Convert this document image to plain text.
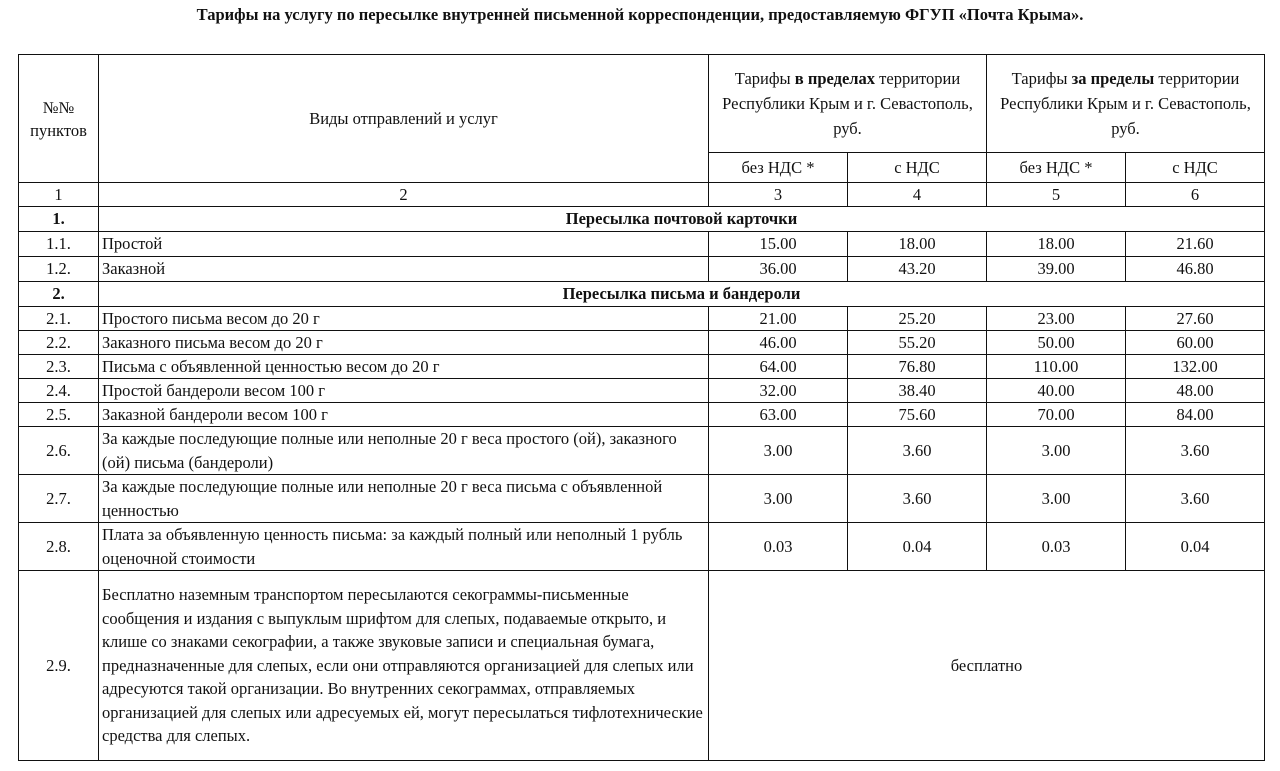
Тарифы на услугу по пересылке внутренней письменной корреспонденции, предоставляемую ФГУП «Почта Крыма».
№№ пунктов	Виды отправлений и услуг	Тарифы в пределах территории Республики Крым и г. Севастополь, руб.		Тарифы за пределы территории Республики Крым и г. Севастополь, руб.	
		без НДС *	с НДС	без НДС *	с НДС
1	2	3	4	5	6
1.	Пересылка почтовой карточки				
1.1.	Простой	15.00	18.00	18.00	21.60
1.2.	Заказной	36.00	43.20	39.00	46.80
2.	Пересылка письма и бандероли				
2.1.	Простого письма весом до 20 г	21.00	25.20	23.00	27.60
2.2.	Заказного письма весом до 20 г	46.00	55.20	50.00	60.00
2.3.	Письма с объявленной ценностью весом до 20 г	64.00	76.80	110.00	132.00
2.4.	Простой бандероли весом 100 г	32.00	38.40	40.00	48.00
2.5.	Заказной бандероли весом 100 г	63.00	75.60	70.00	84.00
2.6.	За каждые последующие полные или неполные 20 г веса простого (ой), заказного (ой) письма (бандероли)	3.00	3.60	3.00	3.60
2.7.	За каждые последующие полные или неполные 20 г веса письма с объявленной ценностью	3.00	3.60	3.00	3.60
2.8.	Плата за объявленную ценность письма: за каждый полный или неполный 1 рубль оценочной стоимости	0.03	0.04	0.03	0.04
2.9.	Бесплатно наземным транспортом пересылаются секограммы-письменные сообщения и издания с выпуклым шрифтом для слепых, подаваемые открыто, и клише со знаками секографии, а также звуковые записи и специальная бумага, предназначенные для слепых, если они отправляются организацией для слепых или адресуются такой организации. Во внутренних секограммах, отправляемых организацией для слепых или адресуемых ей, могут пересылаться тифлотехнические средства для слепых.	бесплатно			
